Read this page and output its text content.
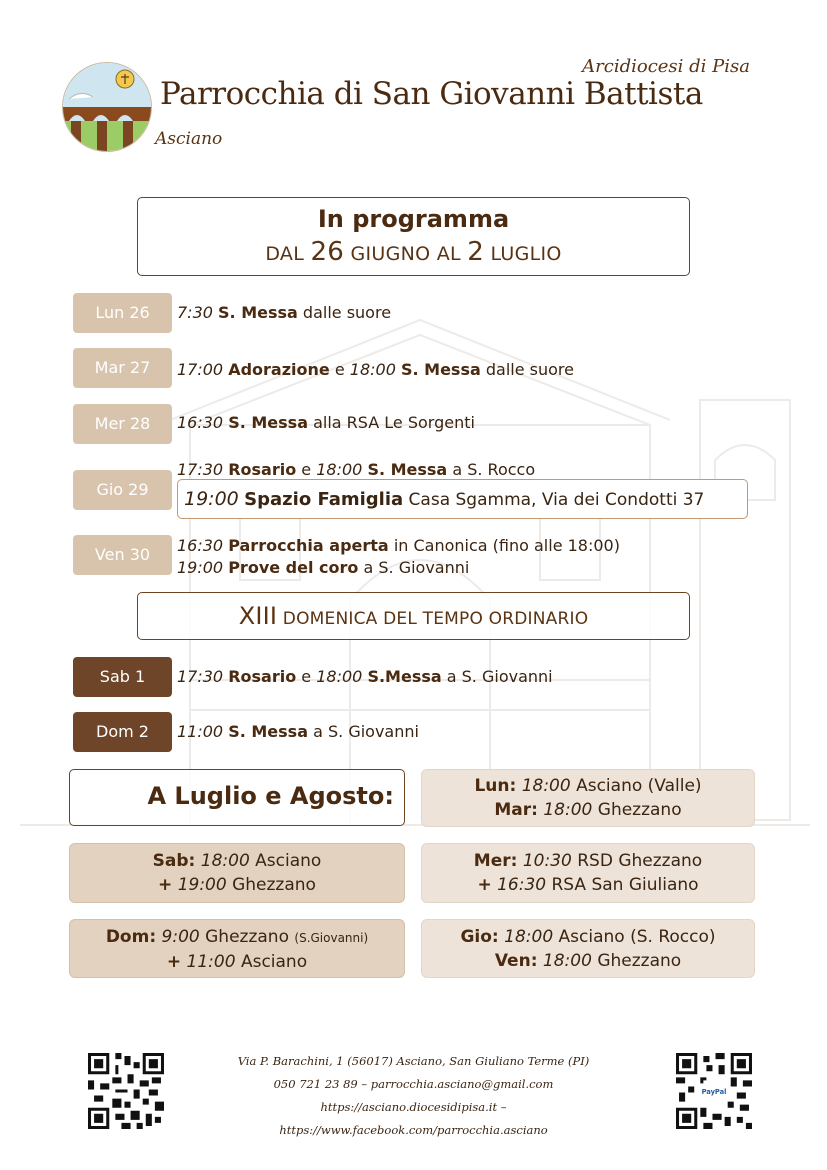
Arcidiocesi di Pisa
Parrocchia di San Giovanni Battista
Asciano
In programma
DAL 26 GIUGNO AL 2 LUGLIO
Lun 26	7:30 S. Messa dalle suore
Mar 27	17:00 Adorazione e 18:00 S. Messa dalle suore
Mer 28	16:30 S. Messa alla RSA Le Sorgenti
Gio 29
17:30 Rosario e 18:00 S. Messa a S. Rocco
19:00 Spazio Famiglia Casa Sgamma, Via dei Condotti 37
Ven 30	16:30 Parrocchia aperta in Canonica (fino alle 18:00)
19:00 Prove del coro a S. Giovanni
XIII DOMENICA DEL TEMPO ORDINARIO
Sab 1	17:30 Rosario e 18:00 S.Messa a S. Giovanni
Dom 2	11:00 S. Messa a S. Giovanni
A Luglio e Agosto:	Lun: 18:00 Asciano (Valle)
Mar: 18:00 Ghezzano
Sab: 18:00 Asciano
+ 19:00 Ghezzano
Mer: 10:30 RSD Ghezzano
+ 16:30 RSA San Giuliano
Dom: 9:00 Ghezzano (S.Giovanni)
+ 11:00 Asciano
Gio: 18:00 Asciano (S. Rocco)
Ven: 18:00 Ghezzano
Via P. Barachini, 1 (56017) Asciano, San Giuliano Terme (PI)
050 721 23 89 – parrocchia.asciano@gmail.com
https://asciano.diocesidipisa.it – https://www.facebook.com/parrocchia.asciano
PayPal
